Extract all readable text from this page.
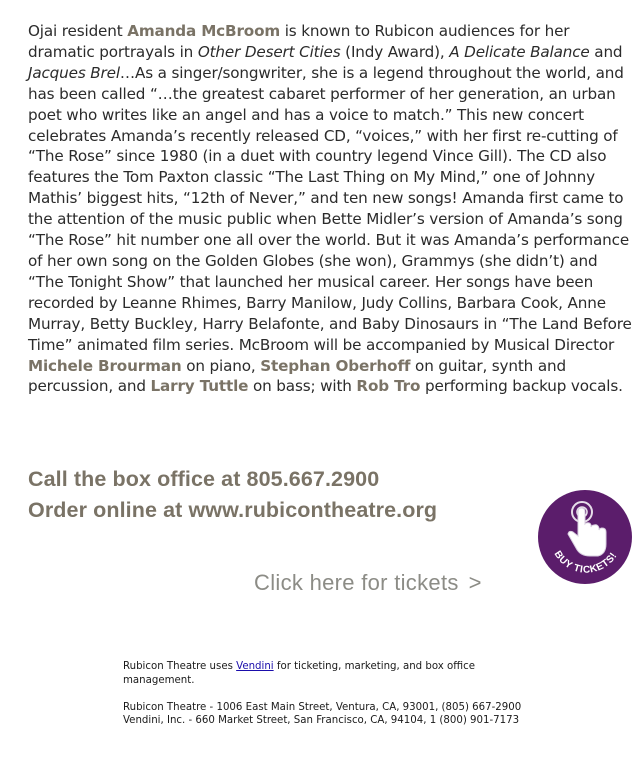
Ojai resident Amanda McBroom is known to Rubicon audiences for her dramatic portrayals in Other Desert Cities (Indy Award), A Delicate Balance and Jacques Brel…As a singer/songwriter, she is a legend throughout the world, and has been called “…the greatest cabaret performer of her generation, an urban poet who writes like an angel and has a voice to match.” This new concert celebrates Amanda’s recently released CD, “voices,” with her first re-cutting of “The Rose” since 1980 (in a duet with country legend Vince Gill). The CD also features the Tom Paxton classic “The Last Thing on My Mind,” one of Johnny Mathis’ biggest hits, “12th of Never,” and ten new songs! Amanda first came to the attention of the music public when Bette Midler’s version of Amanda’s song “The Rose” hit number one all over the world. But it was Amanda’s performance of her own song on the Golden Globes (she won), Grammys (she didn’t) and “The Tonight Show” that launched her musical career. Her songs have been recorded by Leanne Rhimes, Barry Manilow, Judy Collins, Barbara Cook, Anne Murray, Betty Buckley, Harry Belafonte, and Baby Dinosaurs in “The Land Before Time” animated film series. McBroom will be accompanied by Musical Director Michele Brourman on piano, Stephan Oberhoff on guitar, synth and percussion, and Larry Tuttle on bass; with Rob Tro performing backup vocals.
Call the box office at 805.667.2900
Order online at www.rubicontheatre.org
BUY TICKETS!
Click here for tickets >

Rubicon Theatre uses Vendini for ticketing, marketing, and box office management.

Rubicon Theatre - 1006 East Main Street, Ventura, CA, 93001, (805) 667-2900

Vendini, Inc. - 660 Market Street, San Francisco, CA, 94104, 1 (800) 901-7173
